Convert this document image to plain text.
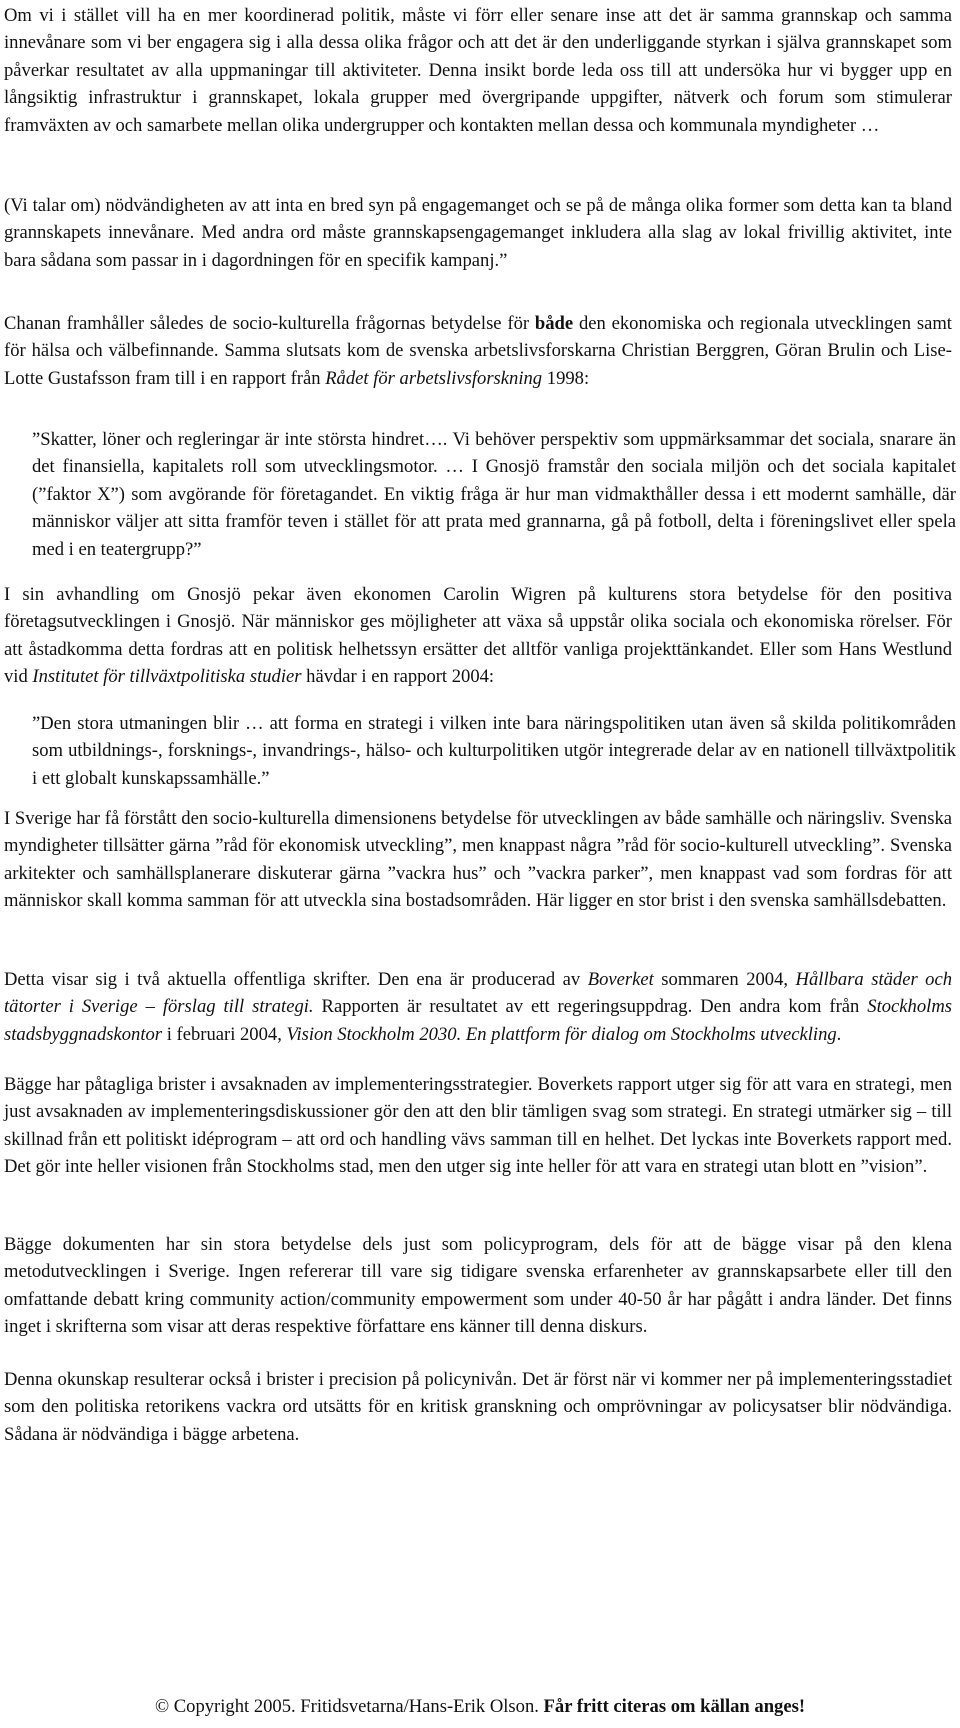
Om vi i stället vill ha en mer koordinerad politik, måste vi förr eller senare inse att det är samma grannskap och samma innevånare som vi ber engagera sig i alla dessa olika frågor och att det är den underliggande styrkan i själva grannskapet som påverkar resultatet av alla uppmaningar till aktiviteter. Denna insikt borde leda oss till att undersöka hur vi bygger upp en långsiktig infrastruktur i grannskapet, lokala grupper med övergripande uppgifter, nätverk och forum som stimulerar framväxten av och samarbete mellan olika undergrupper och kontakten mellan dessa och kommunala myndigheter …

(Vi talar om) nödvändigheten av att inta en bred syn på engagemanget och se på de många olika former som detta kan ta bland grannskapets innevånare. Med andra ord måste grannskapsengagemanget inkludera alla slag av lokal frivillig aktivitet, inte bara sådana som passar in i dagordningen för en specifik kampanj.”

Chanan framhåller således de socio-kulturella frågornas betydelse för både den ekonomiska och regionala utvecklingen samt för hälsa och välbefinnande. Samma slutsats kom de svenska arbetslivsforskarna Christian Berggren, Göran Brulin och Lise-Lotte Gustafsson fram till i en rapport från Rådet för arbetslivsforskning 1998:

”Skatter, löner och regleringar är inte största hindret…. Vi behöver perspektiv som uppmärksammar det sociala, snarare än det finansiella, kapitalets roll som utvecklingsmotor. … I Gnosjö framstår den sociala miljön och det sociala kapitalet (”faktor X”) som avgörande för företagandet. En viktig fråga är hur man vidmakthåller dessa i ett modernt samhälle, där människor väljer att sitta framför teven i stället för att prata med grannarna, gå på fotboll, delta i föreningslivet eller spela med i en teatergrupp?”

I sin avhandling om Gnosjö pekar även ekonomen Carolin Wigren på kulturens stora betydelse för den positiva företagsutvecklingen i Gnosjö. När människor ges möjligheter att växa så uppstår olika sociala och ekonomiska rörelser. För att åstadkomma detta fordras att en politisk helhetssyn ersätter det alltför vanliga projekttänkandet. Eller som Hans Westlund vid Institutet för tillväxtpolitiska studier hävdar i en rapport 2004:

”Den stora utmaningen blir … att forma en strategi i vilken inte bara näringspolitiken utan även så skilda politikområden som utbildnings-, forsknings-, invandrings-, hälso- och kulturpolitiken utgör integrerade delar av en nationell tillväxtpolitik i ett globalt kunskapssamhälle.”

I Sverige har få förstått den socio-kulturella dimensionens betydelse för utvecklingen av både samhälle och näringsliv. Svenska myndigheter tillsätter gärna ”råd för ekonomisk utveckling”, men knappast några ”råd för socio-kulturell utveckling”. Svenska arkitekter och samhällsplanerare diskuterar gärna ”vackra hus” och ”vackra parker”, men knappast vad som fordras för att människor skall komma samman för att utveckla sina bostadsområden. Här ligger en stor brist i den svenska samhällsdebatten.

Detta visar sig i två aktuella offentliga skrifter. Den ena är producerad av Boverket sommaren 2004, Hållbara städer och tätorter i Sverige – förslag till strategi. Rapporten är resultatet av ett regeringsuppdrag. Den andra kom från Stockholms stadsbyggnadskontor i februari 2004, Vision Stockholm 2030. En plattform för dialog om Stockholms utveckling.

Bägge har påtagliga brister i avsaknaden av implementeringsstrategier. Boverkets rapport utger sig för att vara en strategi, men just avsaknaden av implementeringsdiskussioner gör den att den blir tämligen svag som strategi. En strategi utmärker sig – till skillnad från ett politiskt idéprogram – att ord och handling vävs samman till en helhet. Det lyckas inte Boverkets rapport med. Det gör inte heller visionen från Stockholms stad, men den utger sig inte heller för att vara en strategi utan blott en ”vision”.

Bägge dokumenten har sin stora betydelse dels just som policyprogram, dels för att de bägge visar på den klena metodutvecklingen i Sverige. Ingen refererar till vare sig tidigare svenska erfarenheter av grannskapsarbete eller till den omfattande debatt kring community action/community empowerment som under 40-50 år har pågått i andra länder. Det finns inget i skrifterna som visar att deras respektive författare ens känner till denna diskurs.

Denna okunskap resulterar också i brister i precision på policynivån. Det är först när vi kommer ner på implementeringsstadiet som den politiska retorikens vackra ord utsätts för en kritisk granskning och omprövningar av policysatser blir nödvändiga. Sådana är nödvändiga i bägge arbetena.

© Copyright 2005. Fritidsvetarna/Hans-Erik Olson. Får fritt citeras om källan anges!
